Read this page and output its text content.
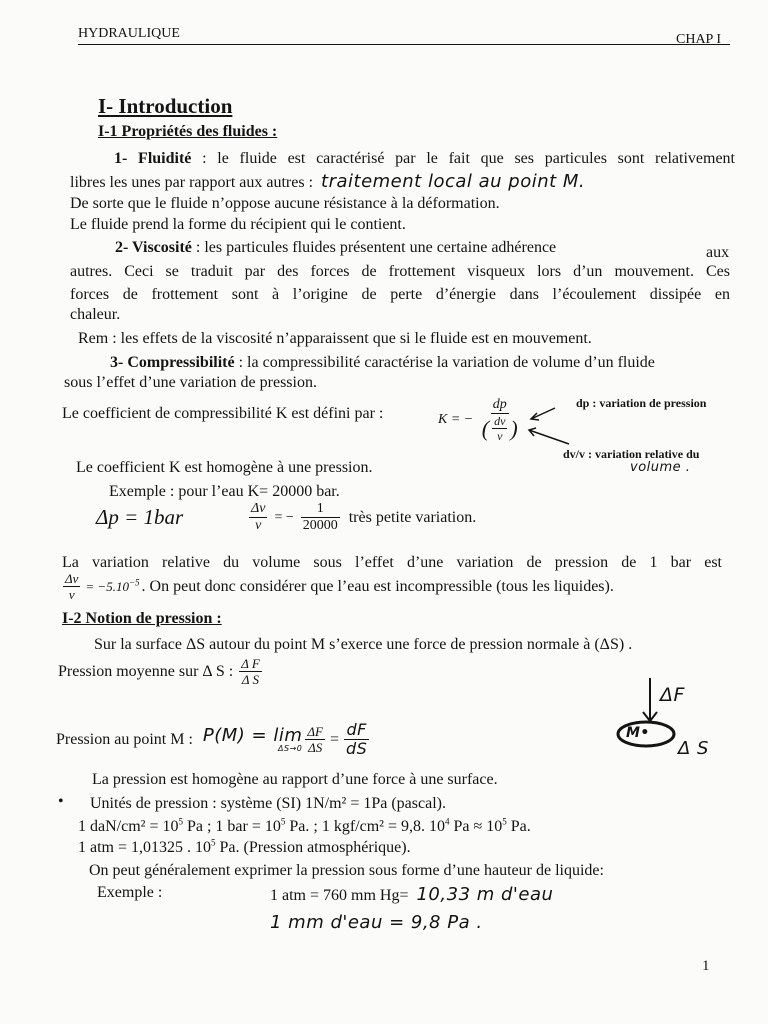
HYDRAULIQUE	CHAP I
I- Introduction
I-1 Propriétés des fluides :
1- Fluidité : le fluide est caractérisé par le fait que ses particules sont relativement
libres les unes par rapport aux autres : traitement local au point M.
De sorte que le fluide n’oppose aucune résistance à la déformation.
Le fluide prend la forme du récipient qui le contient.
2- Viscosité : les particules fluides présentent une certaine adhérence	aux
autres. Ceci se traduit par des forces de frottement visqueux lors d’un mouvement. Ces
forces de frottement sont à l’origine de perte d’énergie dans l’écoulement dissipée en
chaleur.
Rem : les effets de la viscosité n’apparaissent que si le fluide est en mouvement.
3- Compressibilité : la compressibilité caractérise la variation de volume d’un fluide
sous l’effet d’une variation de pression.
Le coefficient de compressibilité K est défini par :	K = − $\frac{dp}{( \frac{dv}{v} )}$	dp : variation de pression
dv/v : variation relative du
volume .
Le coefficient K est homogène à une pression.
Exemple : pour l’eau K= 20000 bar.
Δp = 1bar	$\frac{\Delta v}{v}$ = − $\frac{1}{20000}$ très petite variation.
La variation relative du volume sous l’effet d’une variation de pression de 1 bar est
$\frac{\Delta v}{v} = -5.10^{-5}$ . On peut donc considérer que l’eau est incompressible (tous les liquides).
I-2 Notion de pression :
Sur la surface ΔS autour du point M s’exerce une force de pression normale à (ΔS) .
Pression moyenne sur Δ S : $\frac{\text{Δ F}}{\text{Δ S}}$
Pression au point M : P(M) = lim
$\Delta S\to 0 \frac{\Delta F}{\Delta S} = \frac{dF}{dS}$
ΔF
M•
Δ S
La pression est homogène au rapport d’une force à une surface.
• Unités de pression : système (SI) 1N/m² = 1Pa (pascal).
1 $daN/cm^2 = 10^5$ Pa ; 1 bar = $10^5$ Pa. ; 1 kgf/cm² = 9,8. $10^4$ $Pa \approx 10^5$ Pa.
1 atm = 1,01325 . $10^5$ Pa. (Pression atmosphérique).
On peut généralement exprimer la pression sous forme d’une hauteur de liquide:
Exemple :	1 atm = 760 mm Hg= 10,33 m d'eau
1 mm d'eau = 9,8 Pa .
1
